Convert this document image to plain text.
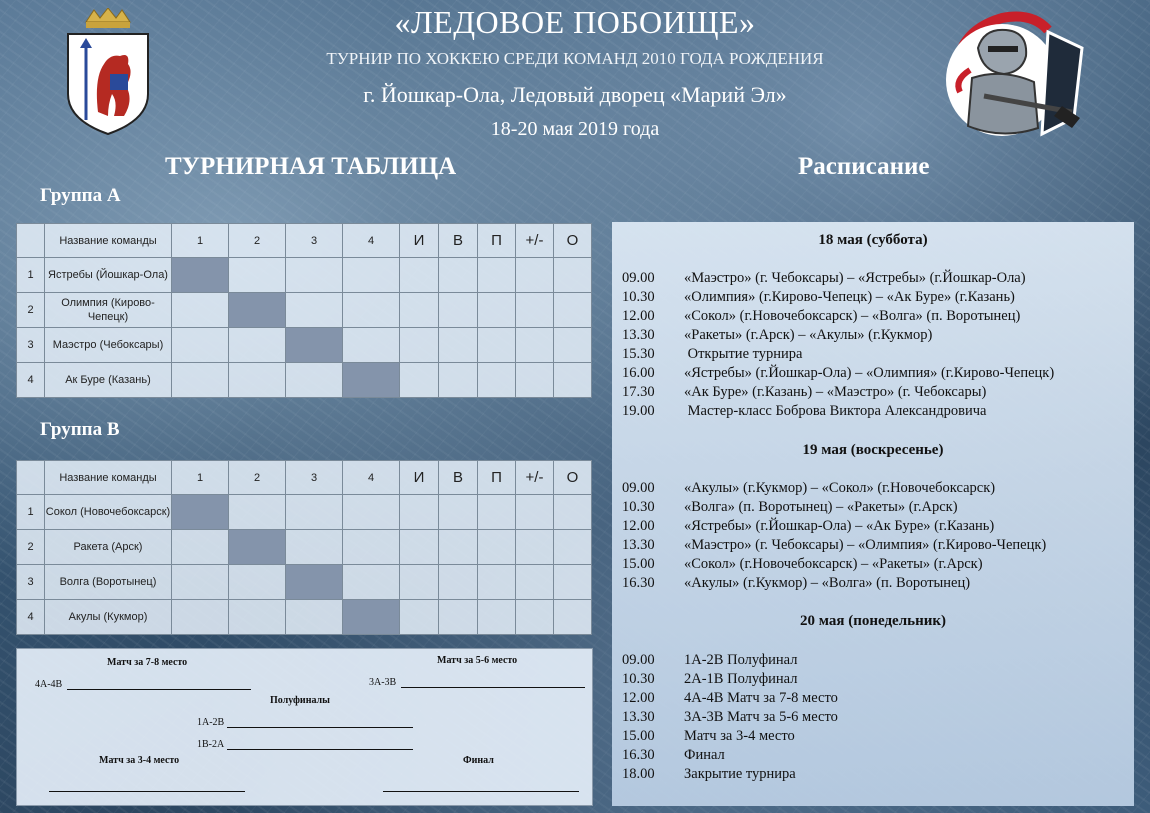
«ЛЕДОВОЕ ПОБОИЩЕ»
ТУРНИР ПО ХОККЕЮ СРЕДИ КОМАНД 2010 ГОДА РОЖДЕНИЯ
г. Йошкар-Ола, Ледовый дворец «Марий Эл»
18-20 мая 2019 года
ТУРНИРНАЯ ТАБЛИЦА	Расписание
Группа А
	Название команды	1	2	3	4	И	В	П	+/-	О
1	Ястребы (Йошкар-Ола)									
2	Олимпия (Кирово-Чепецк)									
3	Маэстро (Чебоксары)									
4	Ак Буре (Казань)									
Группа В
	Название команды	1	2	3	4	И	В	П	+/-	О
1	Сокол (Новочебоксарск)									
2	Ракета (Арск)									
3	Волга (Воротынец)									
4	Акулы (Кукмор)									
Матч за 7-8 место
4А-4В
Матч за 5-6 место
3А-3В
Полуфиналы
1А-2В
1В-2А
Матч за 3-4 место	Финал
18 мая (суббота)
09.00 «Маэстро» (г. Чебоксары) – «Ястребы» (г.Йошкар-Ола)
10.30 «Олимпия» (г.Кирово-Чепецк) – «Ак Буре» (г.Казань)
12.00 «Сокол» (г.Новочебоксарск) – «Волга» (п. Воротынец)
13.30 «Ракеты» (г.Арск) – «Акулы» (г.Кукмор)
15.30 Открытие турнира
16.00 «Ястребы» (г.Йошкар-Ола) – «Олимпия» (г.Кирово-Чепецк)
17.30 «Ак Буре» (г.Казань) – «Маэстро» (г. Чебоксары)
19.00 Мастер-класс Боброва Виктора Александровича
19 мая (воскресенье)
09.00 «Акулы» (г.Кукмор) – «Сокол» (г.Новочебоксарск)
10.30 «Волга» (п. Воротынец) – «Ракеты» (г.Арск)
12.00 «Ястребы» (г.Йошкар-Ола) – «Ак Буре» (г.Казань)
13.30 «Маэстро» (г. Чебоксары) – «Олимпия» (г.Кирово-Чепецк)
15.00 «Сокол» (г.Новочебоксарск) – «Ракеты» (г.Арск)
16.30 «Акулы» (г.Кукмор) – «Волга» (п. Воротынец)
20 мая (понедельник)
09.00 1А-2В Полуфинал
10.30 2А-1В Полуфинал
12.00 4А-4В Матч за 7-8 место
13.30 3А-3В Матч за 5-6 место
15.00 Матч за 3-4 место
16.30 Финал
18.00 Закрытие турнира
